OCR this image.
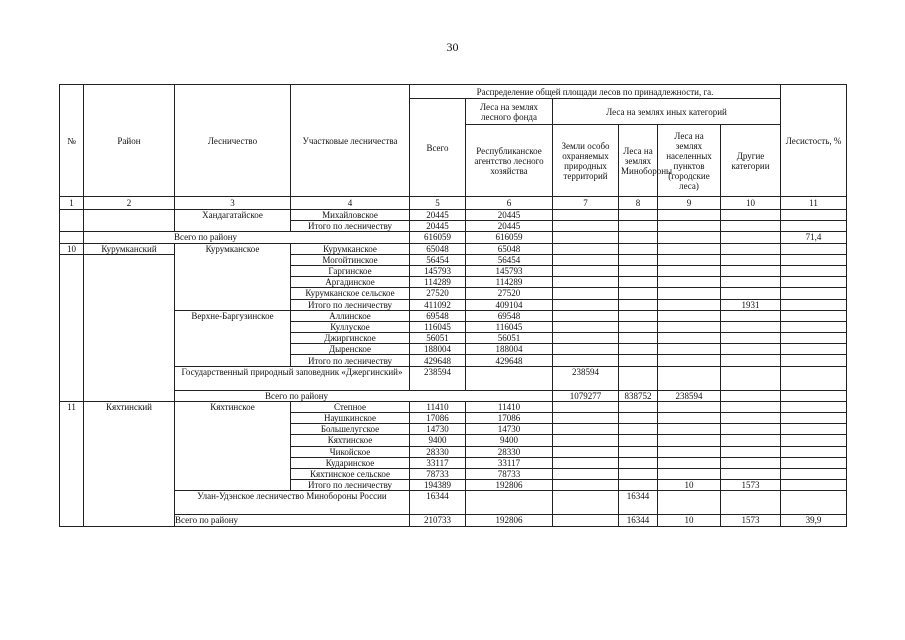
30
№	Район	Лесничество	Участковые лесничества	Распределение общей площади лесов по принадлежности, га.						Лесистость, %	
				Всего	Леса на землях лесного фонда	Леса на землях иных категорий					
					Республиканское агентство лесного хозяйства	Земли особо охраняемых природных территорий	Леса на землях Минобороны	Леса на землях населенных пунктов (городские леса)	Другие категории		

1	2	3	4	5	6	7	8	9	10	11	
		Хандагатайское	Михайловское	20445	20445						
			Итого по лесничеству	20445	20445						
	Всего по району			616059	616059					71,4	
10	Курумканский	Курумканское	Курумканское	65048	65048						
			Могойтинское	56454	56454						
			Гаргинское	145793	145793						
			Аргадинское	114289	114289						
			Курумканское сельское	27520	27520						
			Итого по лесничеству	411092	409104				1931		
		Верхне-Баргузинское	Аллинское	69548	69548						
			Куллуское	116045	116045						
			Джиргинское	56051	56051						
			Дыренское	188004	188004						
			Итого по лесничеству	429648	429648						
		Государственный природный заповедник «Джергинский»		238594		238594					
		Всего по району				1079277	838752	238594				
11	Кяхтинский	Кяхтинское	Степное	11410	11410						
			Наушкинское	17086	17086						
			Большелугское	14730	14730						
			Кяхтинское	9400	9400						
			Чикойское	28330	28330						
			Кударинское	33117	33117						
			Кяхтинское сельское	78733	78733						
			Итого по лесничеству	194389	192806			10	1573		
		Улан-Удэнское лесничество Минобороны России		16344			16344				
		Всего по району		210733	192806		16344	10	1573	39,9	
